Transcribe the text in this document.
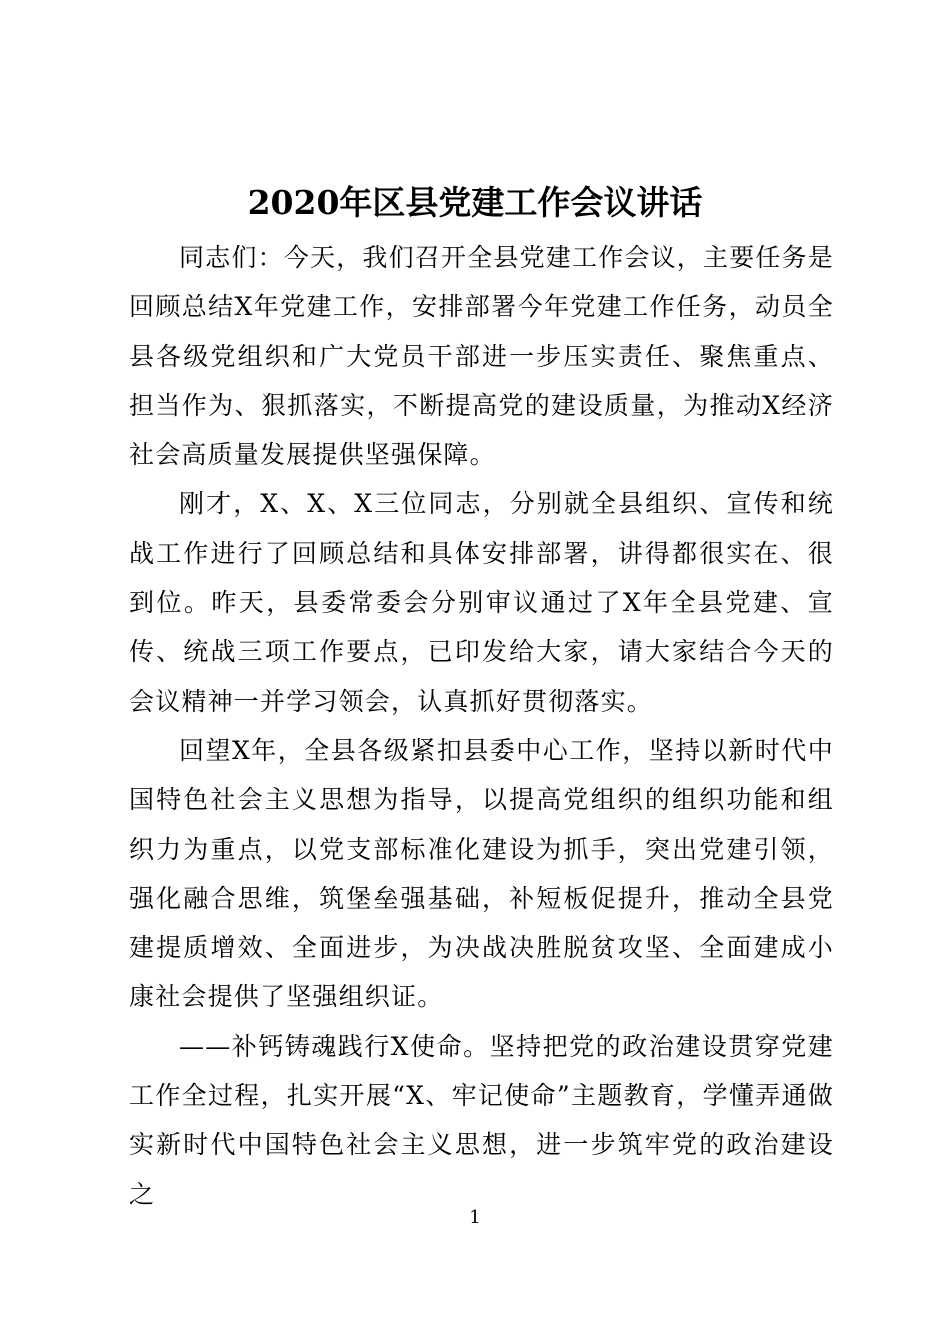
2020年区县党建工作会议讲话

同志们：今天，我们召开全县党建工作会议，主要任务是回顾总结X年党建工作，安排部署今年党建工作任务，动员全县各级党组织和广大党员干部进一步压实责任、聚焦重点、担当作为、狠抓落实，不断提高党的建设质量，为推动X经济社会高质量发展提供坚强保障。

刚才，X、X、X三位同志，分别就全县组织、宣传和统战工作进行了回顾总结和具体安排部署，讲得都很实在、很到位。昨天，县委常委会分别审议通过了X年全县党建、宣传、统战三项工作要点，已印发给大家，请大家结合今天的会议精神一并学习领会，认真抓好贯彻落实。

回望X年，全县各级紧扣县委中心工作，坚持以新时代中国特色社会主义思想为指导，以提高党组织的组织功能和组织力为重点，以党支部标准化建设为抓手，突出党建引领，强化融合思维，筑堡垒强基础，补短板促提升，推动全县党建提质增效、全面进步，为决战决胜脱贫攻坚、全面建成小康社会提供了坚强组织证。

——补钙铸魂践行X使命。坚持把党的政治建设贯穿党建工作全过程，扎实开展“X、牢记使命”主题教育，学懂弄通做实新时代中国特色社会主义思想，进一步筑牢党的政治建设之

1
